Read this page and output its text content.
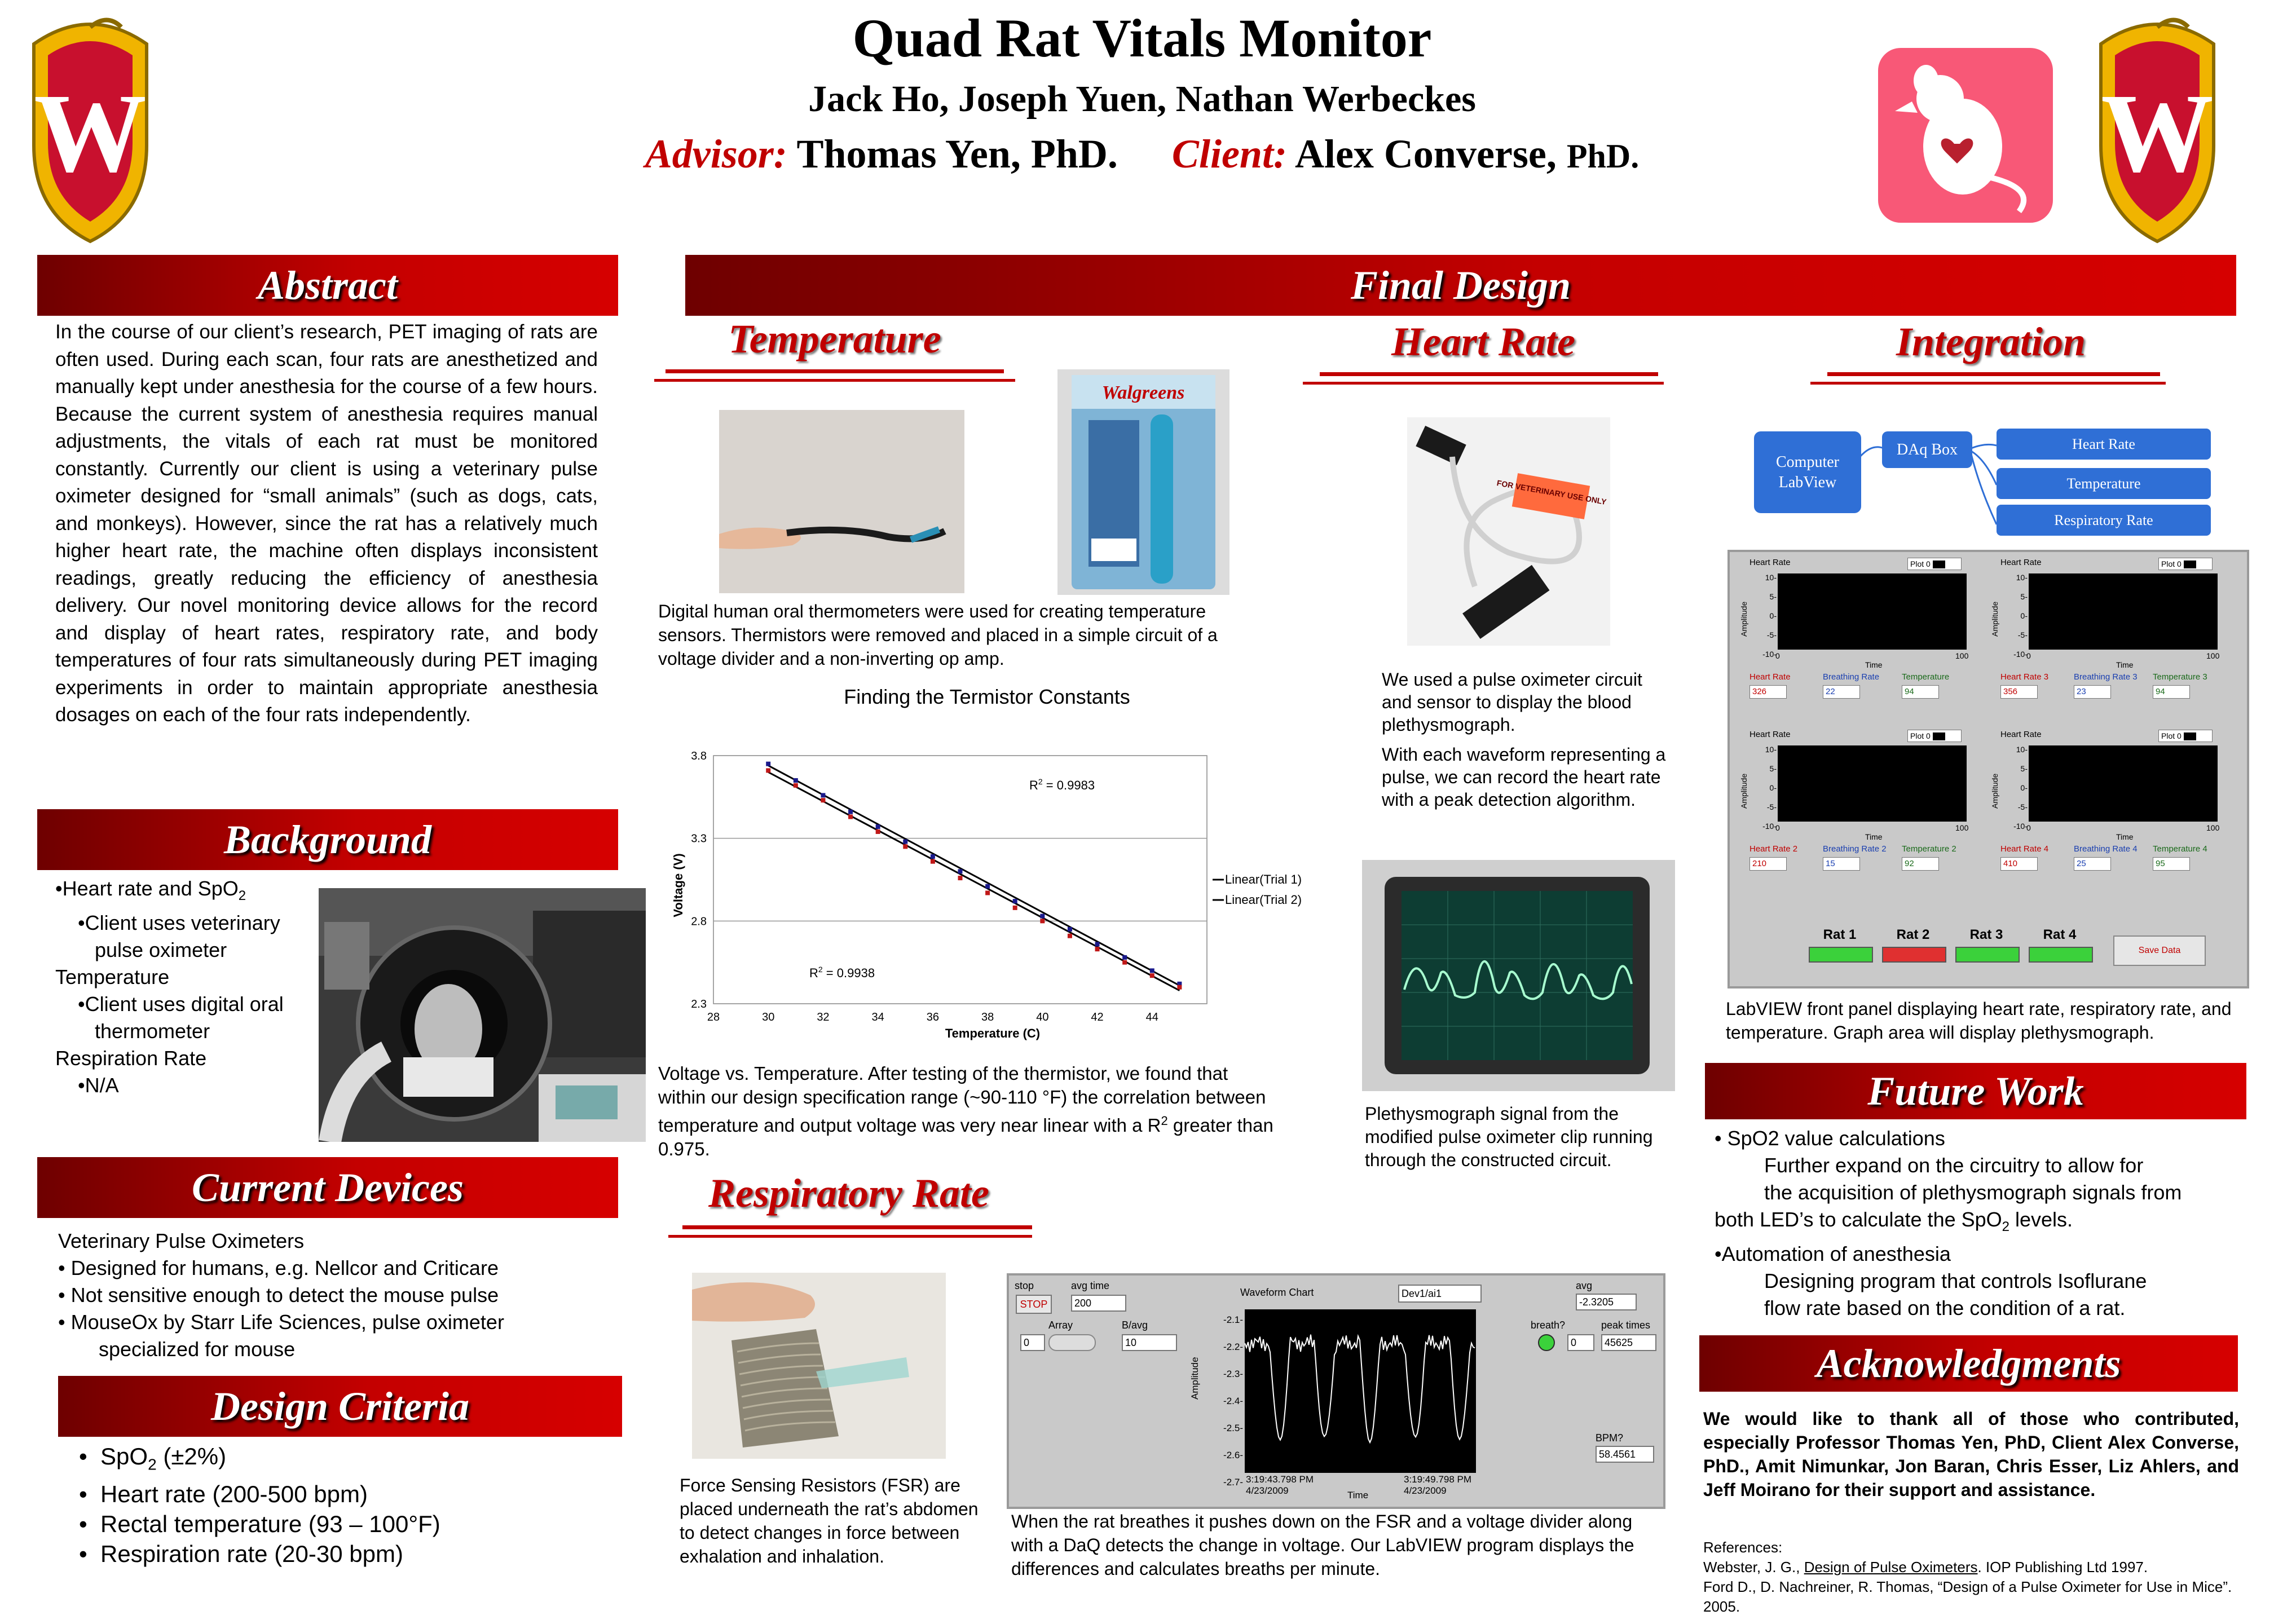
W	W
Quad Rat Vitals Monitor
Jack Ho, Joseph Yuen, Nathan Werbeckes
Advisor: Thomas Yen, PhD. Client: Alex Converse, PhD.
Abstract
In the course of our client’s research, PET imaging of rats are often used. During each scan, four rats are anesthetized and manually kept under anesthesia for the course of a few hours. Because the current system of anesthesia requires manual adjustments, the vitals of each rat must be monitored constantly. Currently our client is using a veterinary pulse oximeter designed for “small animals” (such as dogs, cats, and monkeys). However, since the rat has a relatively much higher heart rate, the machine often displays inconsistent readings, greatly reducing the efficiency of anesthesia delivery. Our novel monitoring device allows for the record and display of heart rates, respiratory rate, and body temperatures of four rats simultaneously during PET imaging experiments in order to maintain appropriate anesthesia dosages on each of the four rats independently.
Background
•Heart rate and SpO$_2$
•Client uses veterinary
pulse oximeter
Temperature
•Client uses digital oral
thermometer
Respiration Rate
•N/A
Current Devices
Veterinary Pulse Oximeters
• Designed for humans, e.g. Nellcor and Criticare
• Not sensitive enough to detect the mouse pulse
• MouseOx by Starr Life Sciences, pulse oximeter
specialized for mouse
Design Criteria
•  SpO$_2$ (±2%)
•  Heart rate (200-500 bpm)
•  Rectal temperature (93 – 100°F)
•  Respiration rate (20-30 bpm)
Final Design
Temperature
Walgreens
Digital human oral thermometers were used for creating temperature sensors. Thermistors were removed and placed in a simple circuit of a voltage divider and a non-inverting op amp.
Finding the Termistor Constants
2.3
2.8
3.3
3.8
28	30	32	34	36	38	40	42	44
Voltage (V)
Temperature (C)
$R^2 = 0.9983$
$R^2 = 0.9938$
Linear(Trial 1)
Linear(Trial 2)
Voltage vs. Temperature. After testing of the thermistor, we found that
within our design specification range (~90-110 °F) the correlation between
temperature and output voltage was very near linear with a $R^2$ greater than
0.975.
Respiratory Rate
Force Sensing Resistors (FSR) are placed underneath the rat’s abdomen to detect changes in force between exhalation and inhalation.
stop
STOP
avg time
200
Array
0
B/avg
10
Waveform Chart	Dev1/ai1
-2.1-
-2.2-
-2.3-
-2.4-
-2.5-
-2.6-
-2.7-
Amplitude
3:19:43.798 PM
4/23/2009
3:19:49.798 PM
4/23/2009
Time
avg
-2.3205
breath?	peak times
0	45625
BPM?
58.4561
When the rat breathes it pushes down on the FSR and a voltage divider along with a DaQ detects the change in voltage. Our LabVIEW program displays the differences and calculates breaths per minute.
Heart Rate
FOR VETERINARY USE ONLY
We used a pulse oximeter circuit and sensor to display the blood plethysmograph.
With each waveform representing a pulse, we can record the heart rate with a peak detection algorithm.
Plethysmograph signal from the modified pulse oximeter clip running through the constructed circuit.
Integration
Computer LabView
DAq Box	Heart Rate
Temperature
Respiratory Rate
Heart Rate	Plot 0
10-
5-
0-
-5-
-10-
Amplitude
0	100
Time
Heart Rate
326
Breathing Rate
22
Temperature
94
Heart Rate	Plot 0
10-
5-
0-
-5-
-10-
Amplitude
0	100
Time
Heart Rate 3
356
Breathing Rate 3
23
Temperature 3
94
Heart Rate	Plot 0
10-
5-
0-
-5-
-10-
Amplitude
0	100
Time
Heart Rate 2
210
Breathing Rate 2
15
Temperature 2
92
Heart Rate	Plot 0
10-
5-
0-
-5-
-10-
Amplitude
0	100
Time
Heart Rate 4
410
Breathing Rate 4
25
Temperature 4
95
Rat 1	Rat 2	Rat 3	Rat 4
Save Data
LabVIEW front panel displaying heart rate, respiratory rate, and temperature. Graph area will display plethysmograph.
Future Work
• SpO2 value calculations
Further expand on the circuitry to allow for
the acquisition of plethysmograph signals from
both LED’s to calculate the SpO$_2$ levels.
•Automation of anesthesia
Designing program that controls Isoflurane
flow rate based on the condition of a rat.
Acknowledgments
We would like to thank all of those who contributed, especially Professor Thomas Yen, PhD, Client Alex Converse, PhD., Amit Nimunkar, Jon Baran, Chris Esser, Liz Ahlers, and Jeff Moirano for their support and assistance.
References:
Webster, J. G., Design of Pulse Oximeters. IOP Publishing Ltd 1997.
Ford D., D. Nachreiner, R. Thomas, “Design of a Pulse Oximeter for Use in Mice”. 2005.
